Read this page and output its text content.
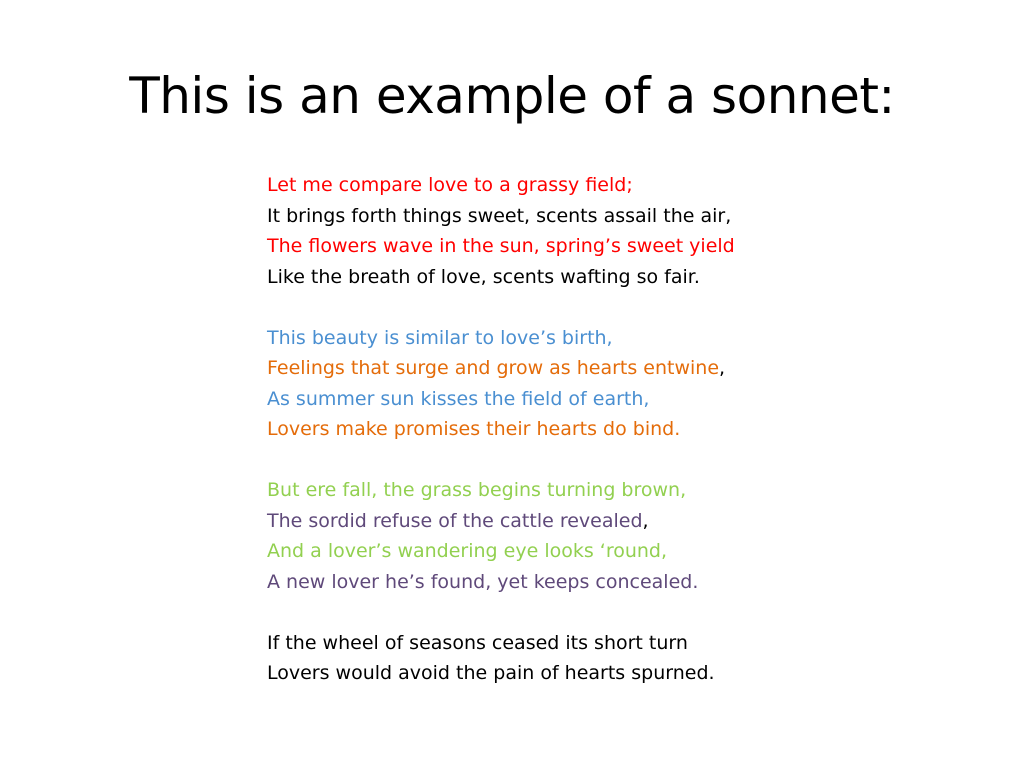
This is an example of a sonnet:
Let me compare love to a grassy field;
It brings forth things sweet, scents assail the air,
The flowers wave in the sun, spring’s sweet yield
Like the breath of love, scents wafting so fair.
This beauty is similar to love’s birth,
Feelings that surge and grow as hearts entwine,
As summer sun kisses the field of earth,
Lovers make promises their hearts do bind.
But ere fall, the grass begins turning brown,
The sordid refuse of the cattle revealed,
And a lover’s wandering eye looks ‘round,
A new lover he’s found, yet keeps concealed.
If the wheel of seasons ceased its short turn
Lovers would avoid the pain of hearts spurned.
